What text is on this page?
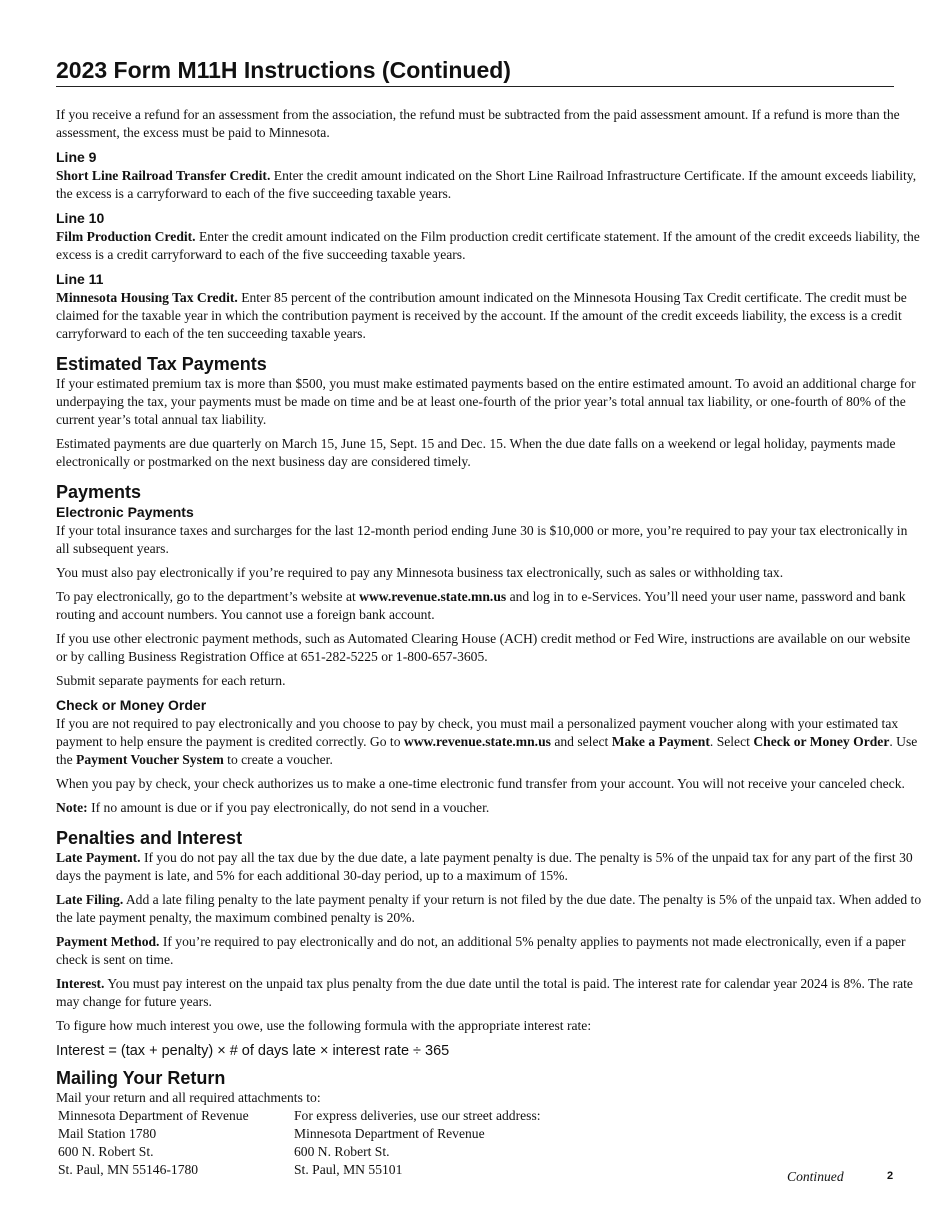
2023 Form M11H Instructions (Continued)

If you receive a refund for an assessment from the association, the refund must be subtracted from the paid assessment amount. If a refund is more than the assessment, the excess must be paid to Minnesota.

Line 9

Short Line Railroad Transfer Credit. Enter the credit amount indicated on the Short Line Railroad Infrastructure Certificate. If the amount exceeds liability, the excess is a carryforward to each of the five succeeding taxable years.

Line 10

Film Production Credit. Enter the credit amount indicated on the Film production credit certificate statement. If the amount of the credit exceeds liability, the excess is a credit carryforward to each of the five succeeding taxable years.

Line 11

Minnesota Housing Tax Credit. Enter 85 percent of the contribution amount indicated on the Minnesota Housing Tax Credit certificate. The credit must be claimed for the taxable year in which the contribution payment is received by the account. If the amount of the credit exceeds liability, the excess is a credit carryforward to each of the ten succeeding taxable years.

Estimated Tax Payments

If your estimated premium tax is more than $500, you must make estimated payments based on the entire estimated amount. To avoid an additional charge for underpaying the tax, your payments must be made on time and be at least one-fourth of the prior year’s total annual tax liability, or one-fourth of 80% of the current year’s total annual tax liability.

Estimated payments are due quarterly on March 15, June 15, Sept. 15 and Dec. 15. When the due date falls on a weekend or legal holiday, payments made electronically or postmarked on the next business day are considered timely.

Payments
Electronic Payments

If your total insurance taxes and surcharges for the last 12-month period ending June 30 is $10,000 or more, you’re required to pay your tax electronically in all subsequent years.

You must also pay electronically if you’re required to pay any Minnesota business tax electronically, such as sales or withholding tax.

To pay electronically, go to the department’s website at www.revenue.state.mn.us and log in to e-Services. You’ll need your user name, password and bank routing and account numbers. You cannot use a foreign bank account.

If you use other electronic payment methods, such as Automated Clearing House (ACH) credit method or Fed Wire, instructions are available on our website or by calling Business Registration Office at 651-282-5225 or 1-800-657-3605.

Submit separate payments for each return.

Check or Money Order

If you are not required to pay electronically and you choose to pay by check, you must mail a personalized payment voucher along with your estimated tax payment to help ensure the payment is credited correctly. Go to www.revenue.state.mn.us and select Make a Payment. Select Check or Money Order. Use the Payment Voucher System to create a voucher.

When you pay by check, your check authorizes us to make a one-time electronic fund transfer from your account. You will not receive your canceled check.

Note: If no amount is due or if you pay electronically, do not send in a voucher.

Penalties and Interest

Late Payment. If you do not pay all the tax due by the due date, a late payment penalty is due. The penalty is 5% of the unpaid tax for any part of the first 30 days the payment is late, and 5% for each additional 30-day period, up to a maximum of 15%.

Late Filing. Add a late filing penalty to the late payment penalty if your return is not filed by the due date. The penalty is 5% of the unpaid tax. When added to the late payment penalty, the maximum combined penalty is 20%.

Payment Method. If you’re required to pay electronically and do not, an additional 5% penalty applies to payments not made electronically, even if a paper check is sent on time.

Interest. You must pay interest on the unpaid tax plus penalty from the due date until the total is paid. The interest rate for calendar year 2024 is 8%. The rate may change for future years.

To figure how much interest you owe, use the following formula with the appropriate interest rate:

Interest = (tax + penalty) × # of days late × interest rate ÷ 365
Mailing Your Return

Mail your return and all required attachments to:

Minnesota Department of Revenue
Mail Station 1780
600 N. Robert St.
St. Paul, MN 55146-1780
For express deliveries, use our street address:
Minnesota Department of Revenue
600 N. Robert St.
St. Paul, MN 55101	Continued	2
